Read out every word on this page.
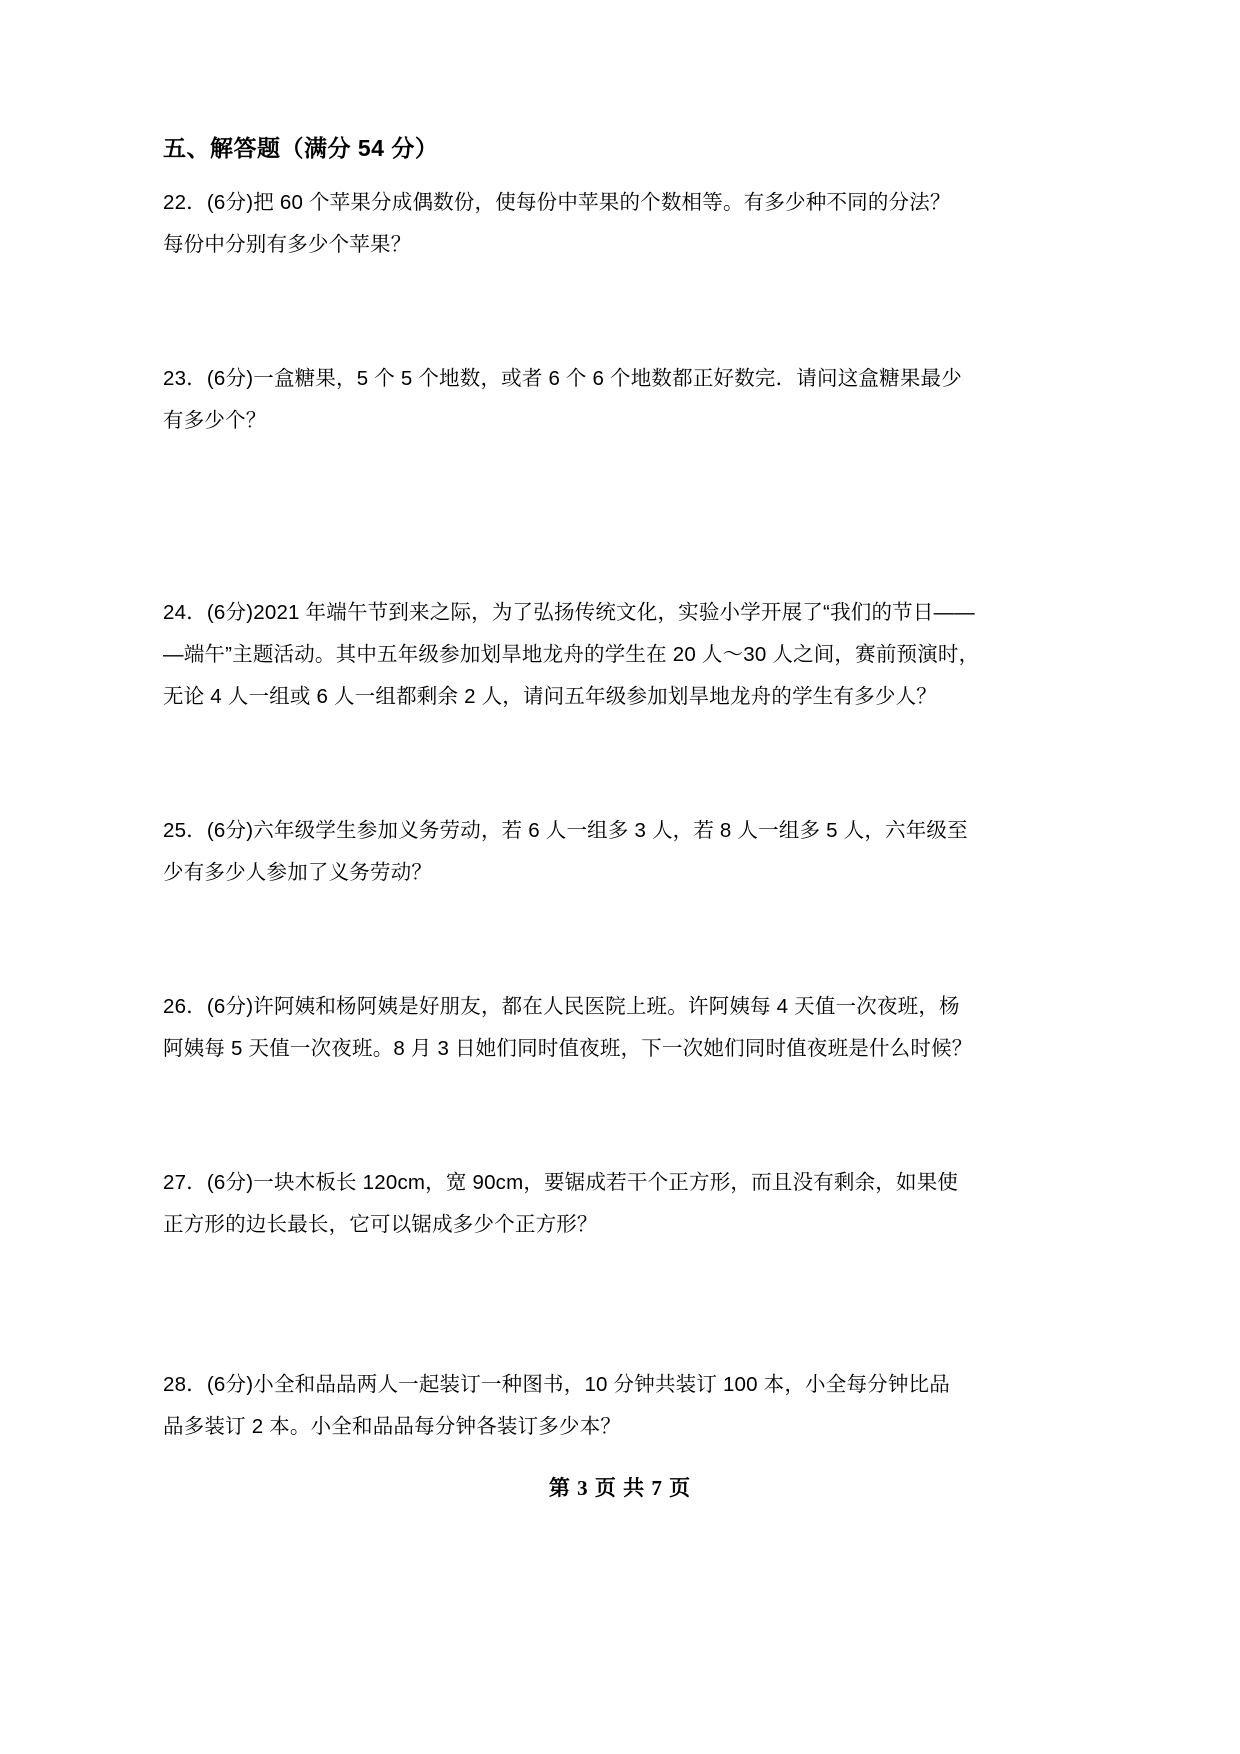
五、解答题（满分 54 分）
22．(6分)把 60 个苹果分成偶数份，使每份中苹果的个数相等。有多少种不同的分法？
每份中分别有多少个苹果？
23．(6分)一盒糖果，5 个 5 个地数，或者 6 个 6 个地数都正好数完．请问这盒糖果最少
有多少个？
24．(6分)2021 年端午节到来之际，为了弘扬传统文化，实验小学开展了“我们的节日——
—端午”主题活动。其中五年级参加划旱地龙舟的学生在 20 人～30 人之间，赛前预演时，
无论 4 人一组或 6 人一组都剩余 2 人，请问五年级参加划旱地龙舟的学生有多少人？
25．(6分)六年级学生参加义务劳动，若 6 人一组多 3 人，若 8 人一组多 5 人，六年级至
少有多少人参加了义务劳动？
26．(6分)许阿姨和杨阿姨是好朋友，都在人民医院上班。许阿姨每 4 天值一次夜班，杨
阿姨每 5 天值一次夜班。8 月 3 日她们同时值夜班，下一次她们同时值夜班是什么时候？
27．(6分)一块木板长 120cm，宽 90cm，要锯成若干个正方形，而且没有剩余，如果使
正方形的边长最长，它可以锯成多少个正方形？
28．(6分)小全和品品两人一起装订一种图书，10 分钟共装订 100 本，小全每分钟比品
品多装订 2 本。小全和品品每分钟各装订多少本？
第 3 页 共 7 页
